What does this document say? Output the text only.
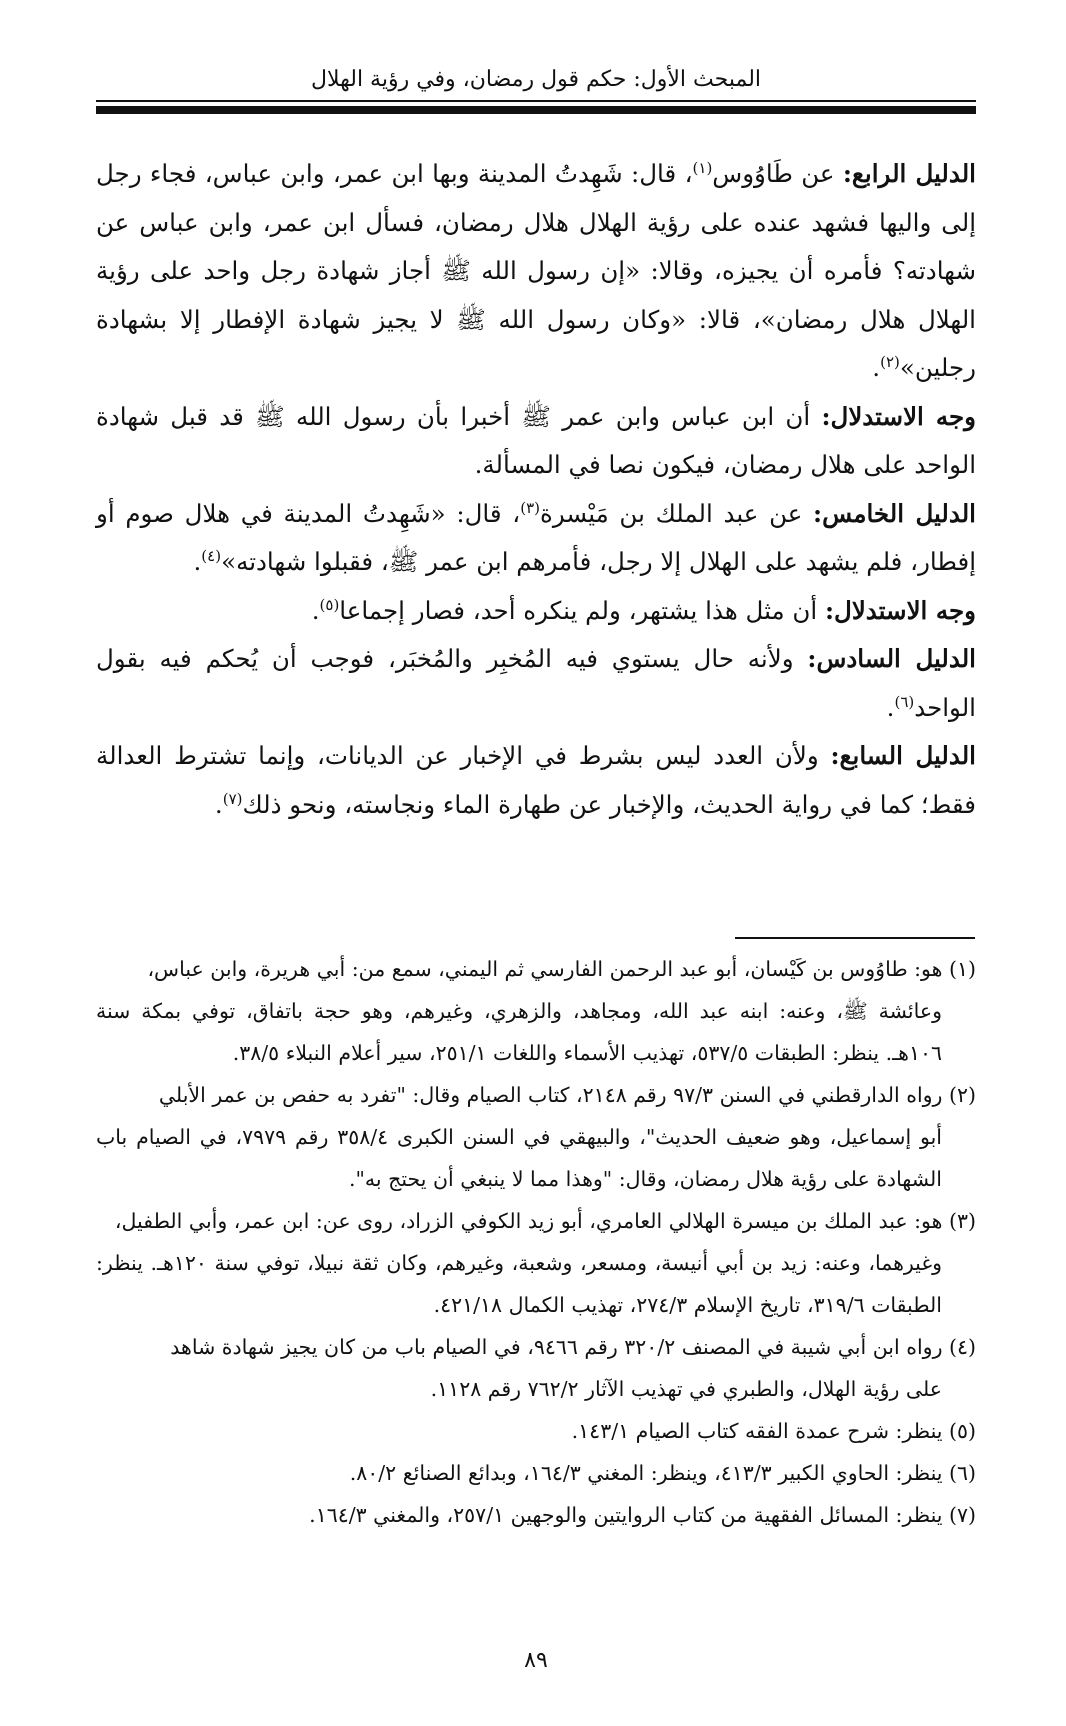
المبحث الأول: حكم قول رمضان، وفي رؤية الهلال

الدليل الرابع: عن طَاوُوس$^{(١)}$، قال: شَهِدتُ المدينة وبها ابن عمر، وابن عباس، فجاء رجل إلى واليها فشهد عنده على رؤية الهلال هلال رمضان، فسأل ابن عمر، وابن عباس عن شهادته؟ فأمره أن يجيزه، وقالا: «إن رسول الله ﷺ أجاز شهادة رجل واحد على رؤية الهلال هلال رمضان»، قالا: «وكان رسول الله ﷺ لا يجيز شهادة الإفطار إلا بشهادة رجلين»$^{(٢)}$.

وجه الاستدلال: أن ابن عباس وابن عمر ﷺ أخبرا بأن رسول الله ﷺ قد قبل شهادة الواحد على هلال رمضان، فيكون نصا في المسألة.

الدليل الخامس: عن عبد الملك بن مَيْسرة$^{(٣)}$، قال: «شَهِدتُ المدينة في هلال صوم أو إفطار، فلم يشهد على الهلال إلا رجل، فأمرهم ابن عمر ﷺ، فقبلوا شهادته»$^{(٤)}$.

وجه الاستدلال: أن مثل هذا يشتهر، ولم ينكره أحد، فصار إجماعا$^{(٥)}$.

الدليل السادس: ولأنه حال يستوي فيه المُخبِر والمُخبَر، فوجب أن يُحكم فيه بقول الواحد$^{(٦)}$.

الدليل السابع: ولأن العدد ليس بشرط في الإخبار عن الديانات، وإنما تشترط العدالة فقط؛ كما في رواية الحديث، والإخبار عن طهارة الماء ونجاسته، ونحو ذلك$^{(٧)}$.

(١) هو: طاوُوس بن كَيْسان، أبو عبد الرحمن الفارسي ثم اليمني، سمع من: أبي هريرة، وابن عباس،

وعائشة ﷺ، وعنه: ابنه عبد الله، ومجاهد، والزهري، وغيرهم، وهو حجة باتفاق، توفي بمكة سنة ١٠٦هـ. ينظر: الطبقات ٥٣٧/٥، تهذيب الأسماء واللغات ٢٥١/١، سير أعلام النبلاء ٣٨/٥.

(٢) رواه الدارقطني في السنن ٩٧/٣ رقم ٢١٤٨، كتاب الصيام وقال: "تفرد به حفص بن عمر الأبلي

أبو إسماعيل، وهو ضعيف الحديث"، والبيهقي في السنن الكبرى ٣٥٨/٤ رقم ٧٩٧٩، في الصيام باب الشهادة على رؤية هلال رمضان، وقال: "وهذا مما لا ينبغي أن يحتج به".

(٣) هو: عبد الملك بن ميسرة الهلالي العامري، أبو زيد الكوفي الزراد، روى عن: ابن عمر، وأبي الطفيل،

وغيرهما، وعنه: زيد بن أبي أنيسة، ومسعر، وشعبة، وغيرهم، وكان ثقة نبيلا، توفي سنة ١٢٠هـ. ينظر: الطبقات ٣١٩/٦، تاريخ الإسلام ٢٧٤/٣، تهذيب الكمال ٤٢١/١٨.

(٤) رواه ابن أبي شيبة في المصنف ٣٢٠/٢ رقم ٩٤٦٦، في الصيام باب من كان يجيز شهادة شاهد

على رؤية الهلال، والطبري في تهذيب الآثار ٧٦٢/٢ رقم ١١٢٨.

(٥) ينظر: شرح عمدة الفقه كتاب الصيام ١٤٣/١.

(٦) ينظر: الحاوي الكبير ٤١٣/٣، وينظر: المغني ١٦٤/٣، وبدائع الصنائع ٨٠/٢.

(٧) ينظر: المسائل الفقهية من كتاب الروايتين والوجهين ٢٥٧/١، والمغني ١٦٤/٣.

٨٩
